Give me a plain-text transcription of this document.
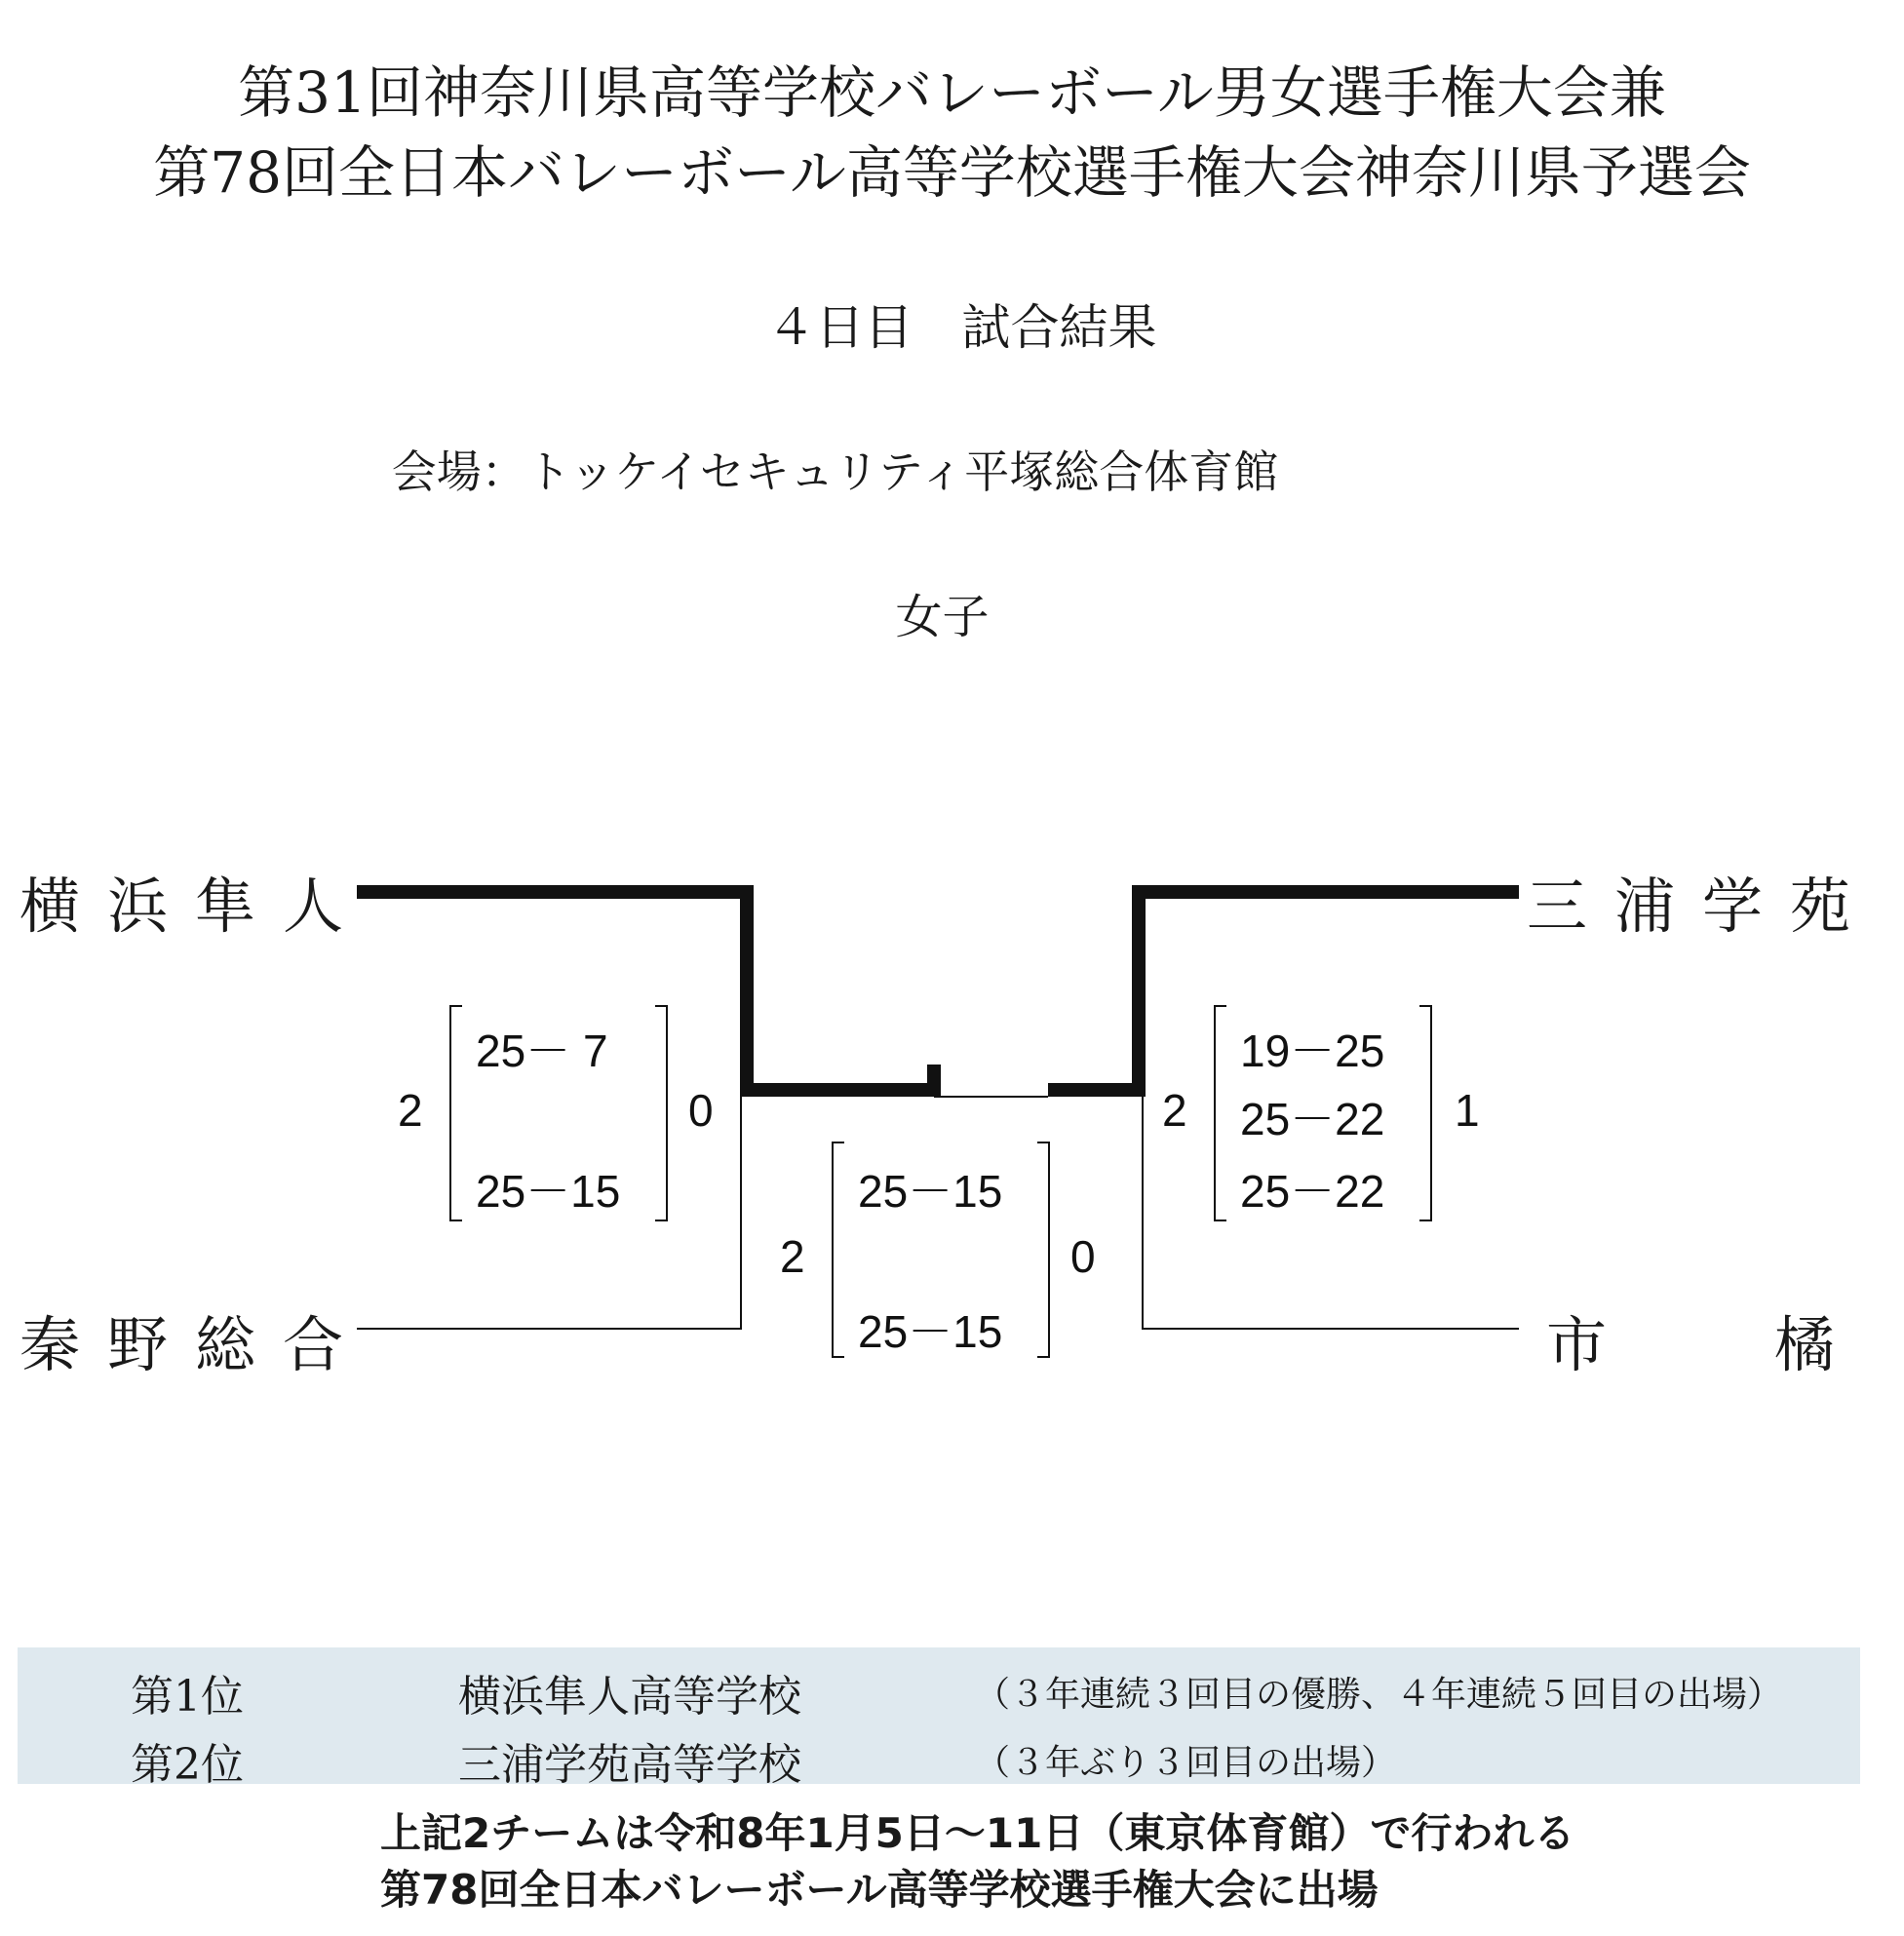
第31回神奈川県高等学校バレーボール男女選手権大会兼
第78回全日本バレーボール高等学校選手権大会神奈川県予選会
４日目　試合結果
会場：トッケイセキュリティ平塚総合体育館
女子
横浜隼人
秦野総合
三浦学苑
市　　橘
2	0
25－ 7
25－15
2	0
25－15
25－15
2	1
19－25
25－22
25－22
第1位	横浜隼人高等学校	（３年連続３回目の優勝、４年連続５回目の出場）
第2位	三浦学苑高等学校	（３年ぶり３回目の出場）
上記2チームは令和8年1月5日～11日（東京体育館）で行われる
第78回全日本バレーボール高等学校選手権大会に出場
